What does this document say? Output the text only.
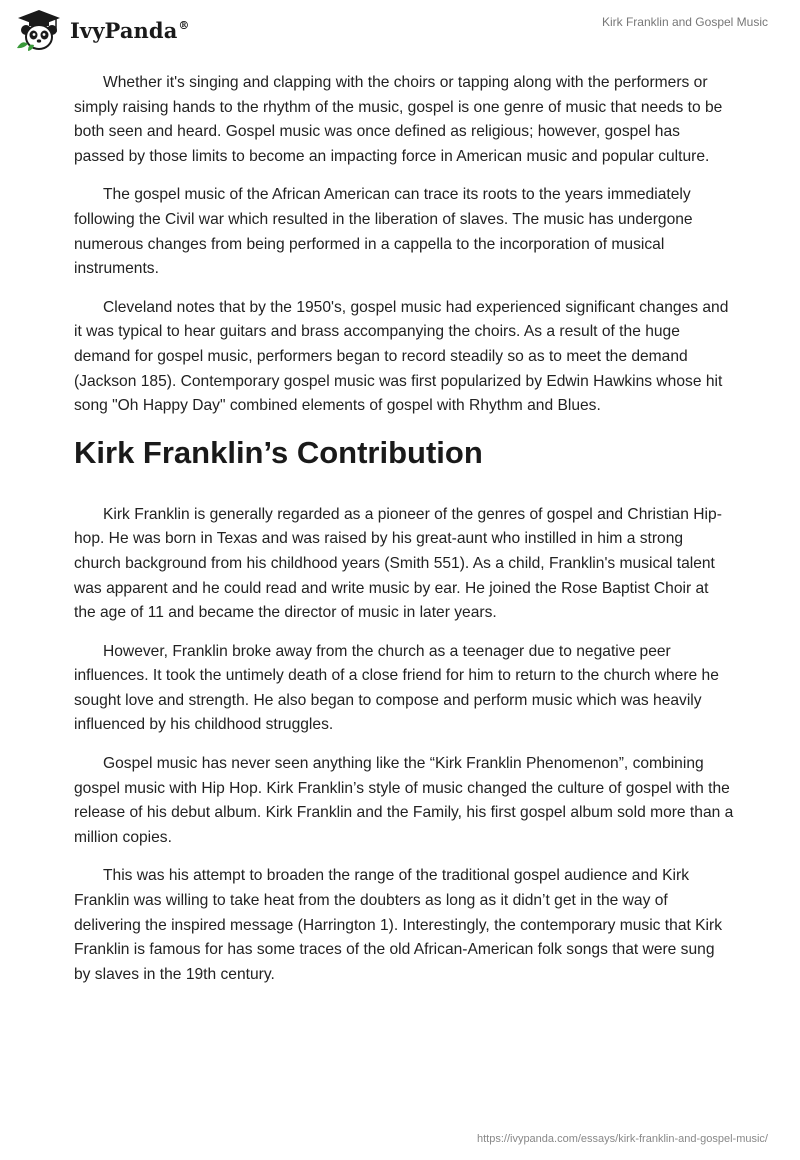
IvyPanda®	Kirk Franklin and Gospel Music

Whether it's singing and clapping with the choirs or tapping along with the performers or simply raising hands to the rhythm of the music, gospel is one genre of music that needs to be both seen and heard. Gospel music was once defined as religious; however, gospel has passed by those limits to become an impacting force in American music and popular culture.

The gospel music of the African American can trace its roots to the years immediately following the Civil war which resulted in the liberation of slaves. The music has undergone numerous changes from being performed in a cappella to the incorporation of musical instruments.

Cleveland notes that by the 1950's, gospel music had experienced significant changes and it was typical to hear guitars and brass accompanying the choirs. As a result of the huge demand for gospel music, performers began to record steadily so as to meet the demand (Jackson 185). Contemporary gospel music was first popularized by Edwin Hawkins whose hit song "Oh Happy Day" combined elements of gospel with Rhythm and Blues.

Kirk Franklin’s Contribution

Kirk Franklin is generally regarded as a pioneer of the genres of gospel and Christian Hip-hop. He was born in Texas and was raised by his great-aunt who instilled in him a strong church background from his childhood years (Smith 551). As a child, Franklin's musical talent was apparent and he could read and write music by ear. He joined the Rose Baptist Choir at the age of 11 and became the director of music in later years.

However, Franklin broke away from the church as a teenager due to negative peer influences. It took the untimely death of a close friend for him to return to the church where he sought love and strength. He also began to compose and perform music which was heavily influenced by his childhood struggles.

Gospel music has never seen anything like the “Kirk Franklin Phenomenon”, combining gospel music with Hip Hop. Kirk Franklin’s style of music changed the culture of gospel with the release of his debut album. Kirk Franklin and the Family, his first gospel album sold more than a million copies.

This was his attempt to broaden the range of the traditional gospel audience and Kirk Franklin was willing to take heat from the doubters as long as it didn’t get in the way of delivering the inspired message (Harrington 1). Interestingly, the contemporary music that Kirk Franklin is famous for has some traces of the old African-American folk songs that were sung by slaves in the 19th century.

https://ivypanda.com/essays/kirk-franklin-and-gospel-music/
